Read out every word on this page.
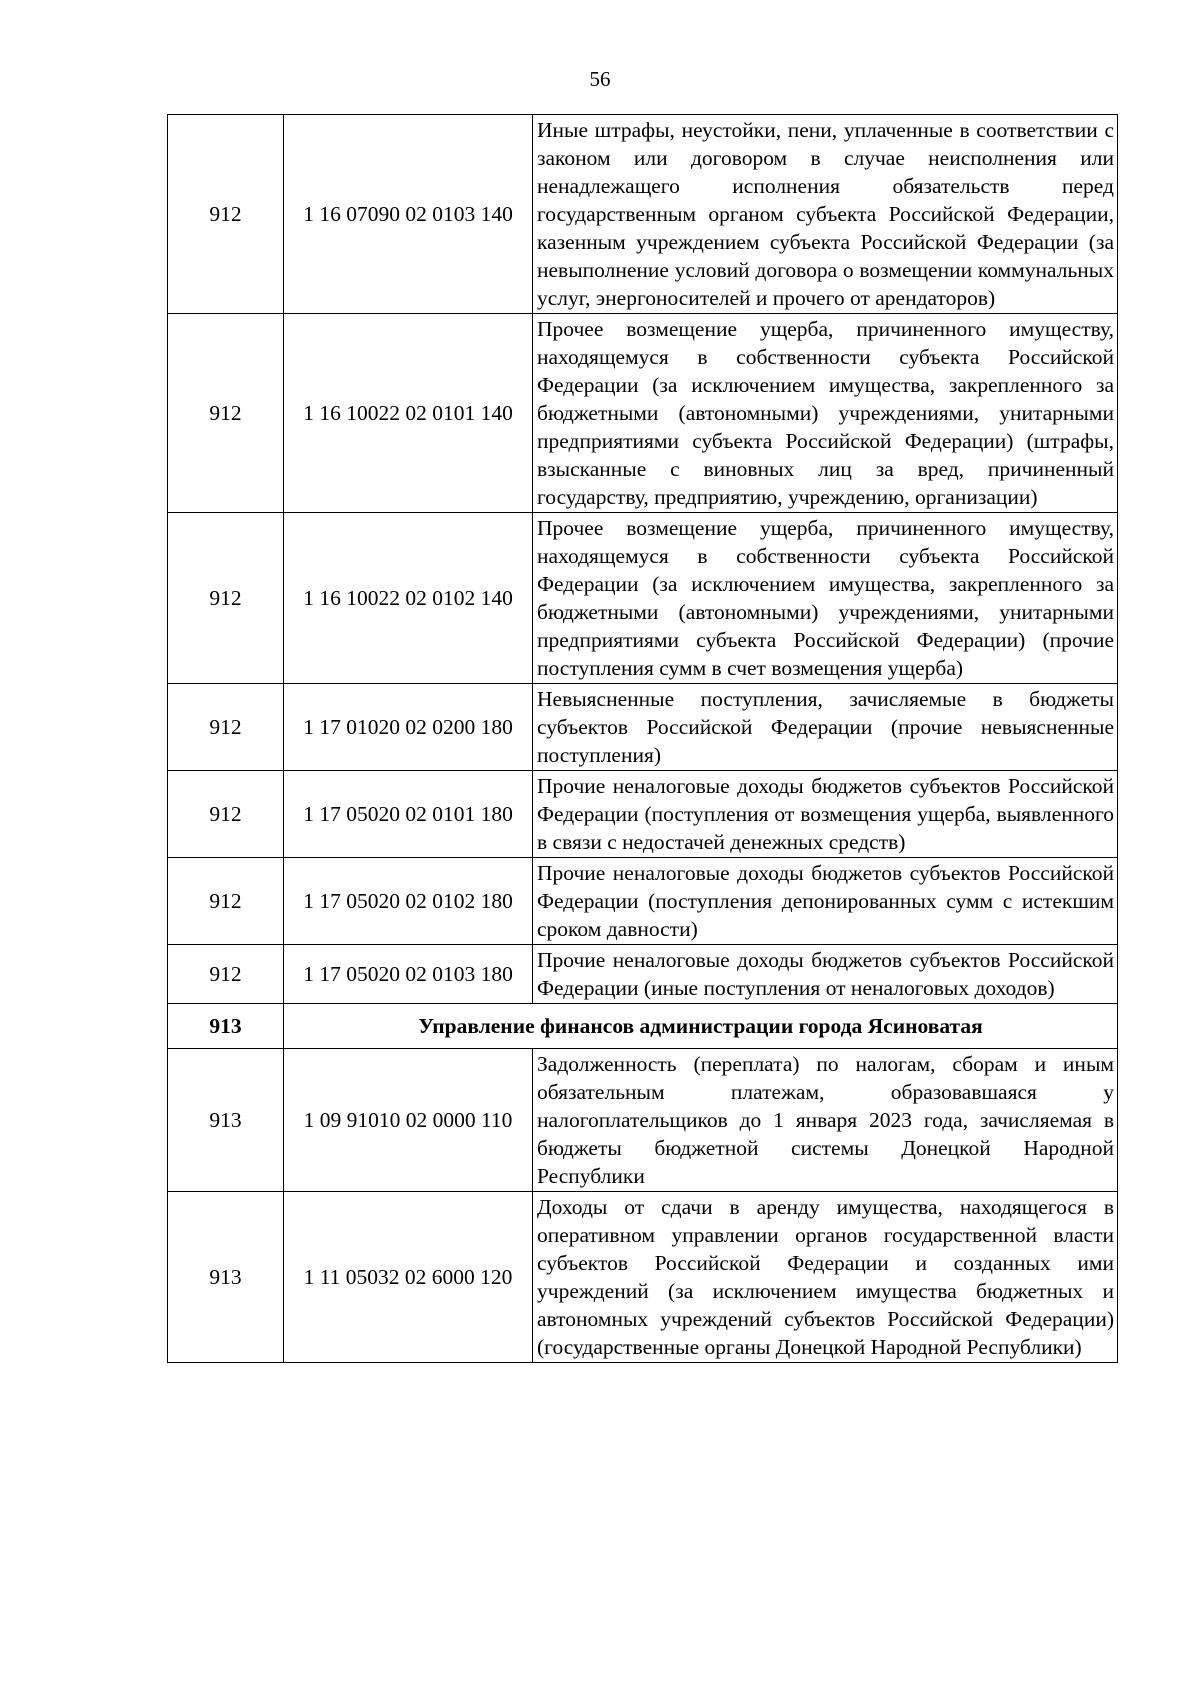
56
912	1 16 07090 02 0103 140	Иные штрафы, неустойки, пени, уплаченные в соответствии с законом или договором в случае неисполнения или ненадлежащего исполнения обязательств перед государственным органом субъекта Российской Федерации, казенным учреждением субъекта Российской Федерации (за невыполнение условий договора о возмещении коммунальных услуг, энергоносителей и прочего от арендаторов)
912	1 16 10022 02 0101 140	Прочее возмещение ущерба, причиненного имуществу, находящемуся в собственности субъекта Российской Федерации (за исключением имущества, закрепленного за бюджетными (автономными) учреждениями, унитарными предприятиями субъекта Российской Федерации) (штрафы, взысканные с виновных лиц за вред, причиненный государству, предприятию, учреждению, организации)
912	1 16 10022 02 0102 140	Прочее возмещение ущерба, причиненного имуществу, находящемуся в собственности субъекта Российской Федерации (за исключением имущества, закрепленного за бюджетными (автономными) учреждениями, унитарными предприятиями субъекта Российской Федерации) (прочие поступления сумм в счет возмещения ущерба)
912	1 17 01020 02 0200 180	Невыясненные поступления, зачисляемые в бюджеты субъектов Российской Федерации (прочие невыясненные поступления)
912	1 17 05020 02 0101 180	Прочие неналоговые доходы бюджетов субъектов Российской Федерации (поступления от возмещения ущерба, выявленного в связи с недостачей денежных средств)
912	1 17 05020 02 0102 180	Прочие неналоговые доходы бюджетов субъектов Российской Федерации (поступления депонированных сумм с истекшим сроком давности)
912	1 17 05020 02 0103 180	Прочие неналоговые доходы бюджетов субъектов Российской Федерации (иные поступления от неналоговых доходов)
913	Управление финансов администрации города Ясиноватая	
913	1 09 91010 02 0000 110	Задолженность (переплата) по налогам, сборам и иным обязательным платежам, образовавшаяся у налогоплательщиков до 1 января 2023 года, зачисляемая в бюджеты бюджетной системы Донецкой Народной Республики
913	1 11 05032 02 6000 120	Доходы от сдачи в аренду имущества, находящегося в оперативном управлении органов государственной власти субъектов Российской Федерации и созданных ими учреждений (за исключением имущества бюджетных и автономных учреждений субъектов Российской Федерации) (государственные органы Донецкой Народной Республики)
